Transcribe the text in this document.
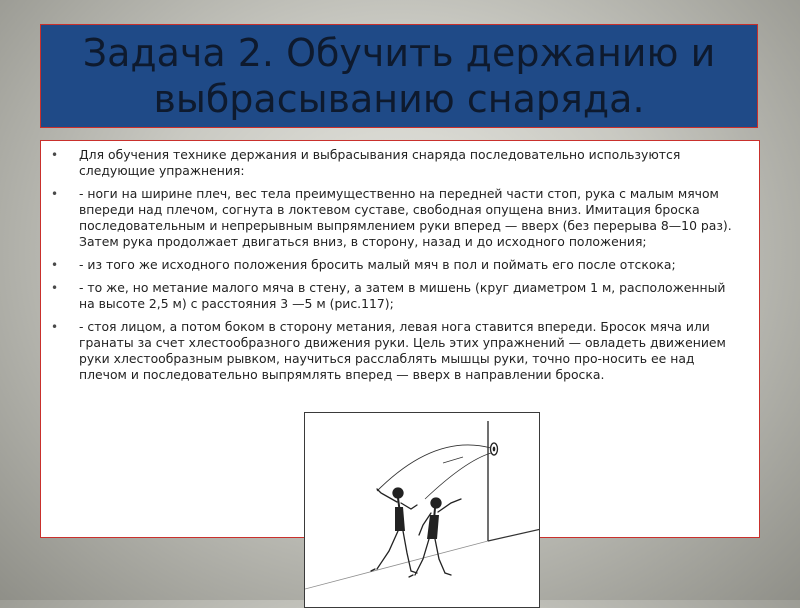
Задача 2. Обучить держанию и выбрасыванию снаряда.
• Для обучения технике держания и выбрасывания снаряда последовательно используются следующие упражнения:
• - ноги на ширине плеч, вес тела преимущественно на передней части стоп, рука с малым мячом впереди над плечом, согнута в локтевом суставе, свободная опущена вниз. Имитация броска последовательным и непрерывным выпрямлением руки вперед — вверх (без перерыва 8—10 раз). Затем рука продолжает двигаться вниз, в сторону, назад и до исходного положения;
• - из того же исходного положения бросить малый мяч в пол и поймать его после отскока;
• - то же, но метание малого мяча в стену, а затем в мишень (круг диаметром 1 м, расположенный на высоте 2,5 м) с расстояния 3 —5 м (рис.117);
• - стоя лицом, а потом боком в сторону метания, левая нога ставится впереди. Бросок мяча или гранаты за счет хлестообразного движения руки. Цель этих упражнений — овладеть движением руки хлестообразным рывком, научиться расслаблять мышцы руки, точно про-носить ее над плечом и последовательно выпрямлять вперед — вверх в направлении броска.
